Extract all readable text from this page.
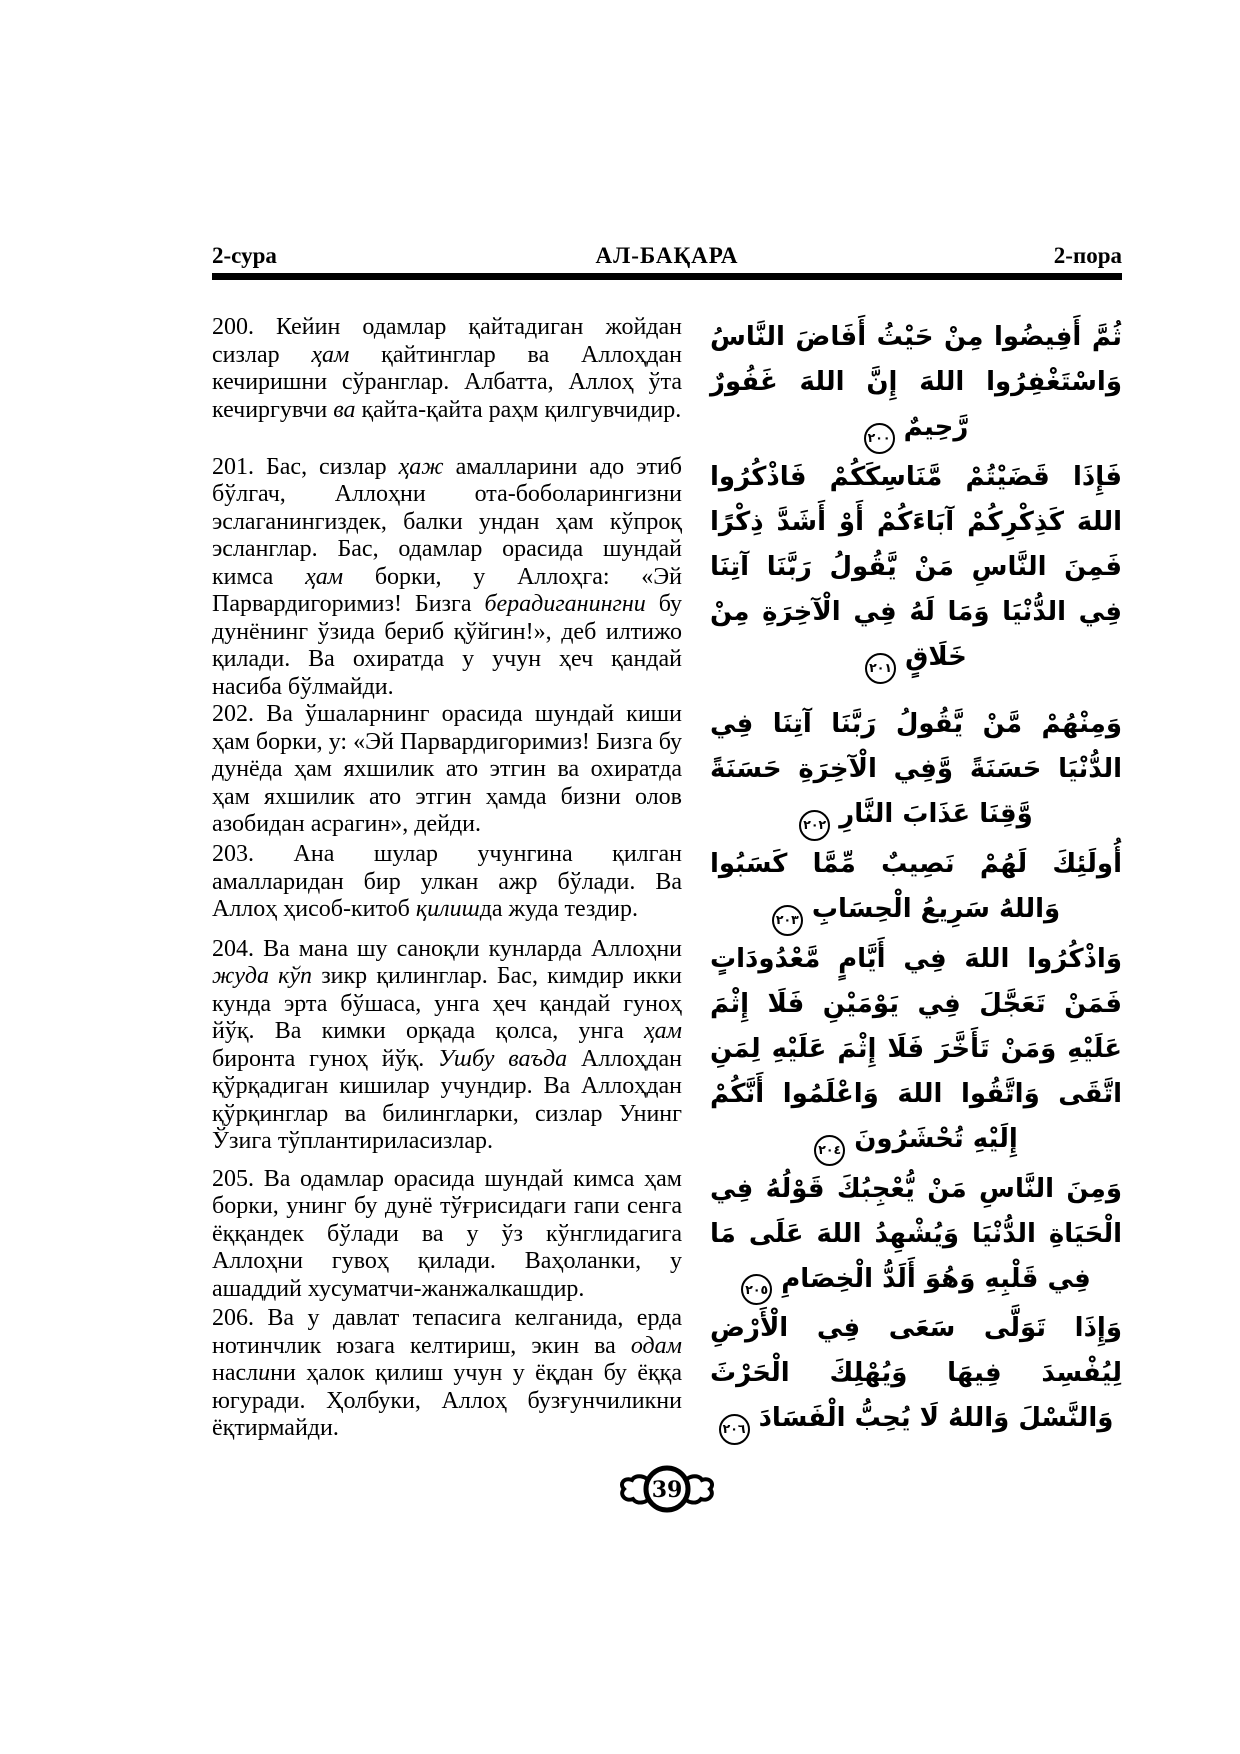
2-сура	АЛ-БАҚАРА	2-пора

200. Кейин одамлар қайтадиган жойдан сизлар ҳам қайтинглар ва Аллоҳдан кечиришни сўранглар. Албатта, Аллоҳ ўта кечиргувчи ва қайта-қайта раҳм қилгувчидир.

ثُمَّ أَفِيضُوا مِنْ حَيْثُ أَفَاضَ النَّاسُ وَاسْتَغْفِرُوا اللهَ إِنَّ اللهَ غَفُورٌ رَّحِيمٌ ٢٠٠

201. Бас, сизлар ҳаж амалларини адо этиб бўлгач, Аллоҳни ота-боболарингизни эслаганингиздек, балки ундан ҳам кўпроқ эсланглар. Бас, одамлар орасида шундай кимса ҳам борки, у Аллоҳга: «Эй Парвардигоримиз! Бизга берадиганингни бу дунёнинг ўзида бериб қўйгин!», деб илтижо қилади. Ва охиратда у учун ҳеч қандай насиба бўлмайди.

فَإِذَا قَضَيْتُمْ مَّنَاسِكَكُمْ فَاذْكُرُوا اللهَ كَذِكْرِكُمْ آبَاءَكُمْ أَوْ أَشَدَّ ذِكْرًا فَمِنَ النَّاسِ مَنْ يَّقُولُ رَبَّنَا آتِنَا فِي الدُّنْيَا وَمَا لَهُ فِي الْآخِرَةِ مِنْ خَلَاقٍ ٢٠١

202. Ва ўшаларнинг орасида шундай киши ҳам борки, у: «Эй Парвардигоримиз! Бизга бу дунёда ҳам яхшилик ато этгин ва охиратда ҳам яхшилик ато этгин ҳамда бизни олов азобидан асрагин», дейди.

وَمِنْهُمْ مَّنْ يَّقُولُ رَبَّنَا آتِنَا فِي الدُّنْيَا حَسَنَةً وَّفِي الْآخِرَةِ حَسَنَةً وَّقِنَا عَذَابَ النَّارِ ٢٠٢

203. Ана шулар учунгина қилган амалларидан бир улкан ажр бўлади. Ва Аллоҳ ҳисоб-китоб қилишда жуда тездир.

أُولَئِكَ لَهُمْ نَصِيبٌ مِّمَّا كَسَبُوا وَاللهُ سَرِيعُ الْحِسَابِ ٢٠٣

204. Ва мана шу саноқли кунларда Аллоҳни жуда кўп зикр қилинглар. Бас, кимдир икки кунда эрта бўшаса, унга ҳеч қандай гуноҳ йўқ. Ва кимки орқада қолса, унга ҳам биронта гуноҳ йўқ. Ушбу ваъда Аллоҳдан қўрқадиган кишилар учундир. Ва Аллоҳдан қўрқинглар ва билингларки, сизлар Унинг Ўзига тўплантириласизлар.

وَاذْكُرُوا اللهَ فِي أَيَّامٍ مَّعْدُودَاتٍ فَمَنْ تَعَجَّلَ فِي يَوْمَيْنِ فَلَا إِثْمَ عَلَيْهِ وَمَنْ تَأَخَّرَ فَلَا إِثْمَ عَلَيْهِ لِمَنِ اتَّقَى وَاتَّقُوا اللهَ وَاعْلَمُوا أَنَّكُمْ إِلَيْهِ تُحْشَرُونَ ٢٠٤

205. Ва одамлар орасида шундай кимса ҳам борки, унинг бу дунё тўғрисидаги гапи сенга ёққандек бўлади ва у ўз кўнглидагига Аллоҳни гувоҳ қилади. Ваҳоланки, у ашаддий хусуматчи-жанжалкашдир.

وَمِنَ النَّاسِ مَنْ يُّعْجِبُكَ قَوْلُهُ فِي الْحَيَاةِ الدُّنْيَا وَيُشْهِدُ اللهَ عَلَى مَا فِي قَلْبِهِ وَهُوَ أَلَدُّ الْخِصَامِ ٢٠٥

206. Ва у давлат тепасига келганида, ерда нотинчлик юзага келтириш, экин ва одам наслини ҳалок қилиш учун у ёқдан бу ёққа югуради. Ҳолбуки, Аллоҳ бузғунчиликни ёқтирмайди.

وَإِذَا تَوَلَّى سَعَى فِي الْأَرْضِ لِيُفْسِدَ فِيهَا وَيُهْلِكَ الْحَرْثَ وَالنَّسْلَ وَاللهُ لَا يُحِبُّ الْفَسَادَ ٢٠٦
39
